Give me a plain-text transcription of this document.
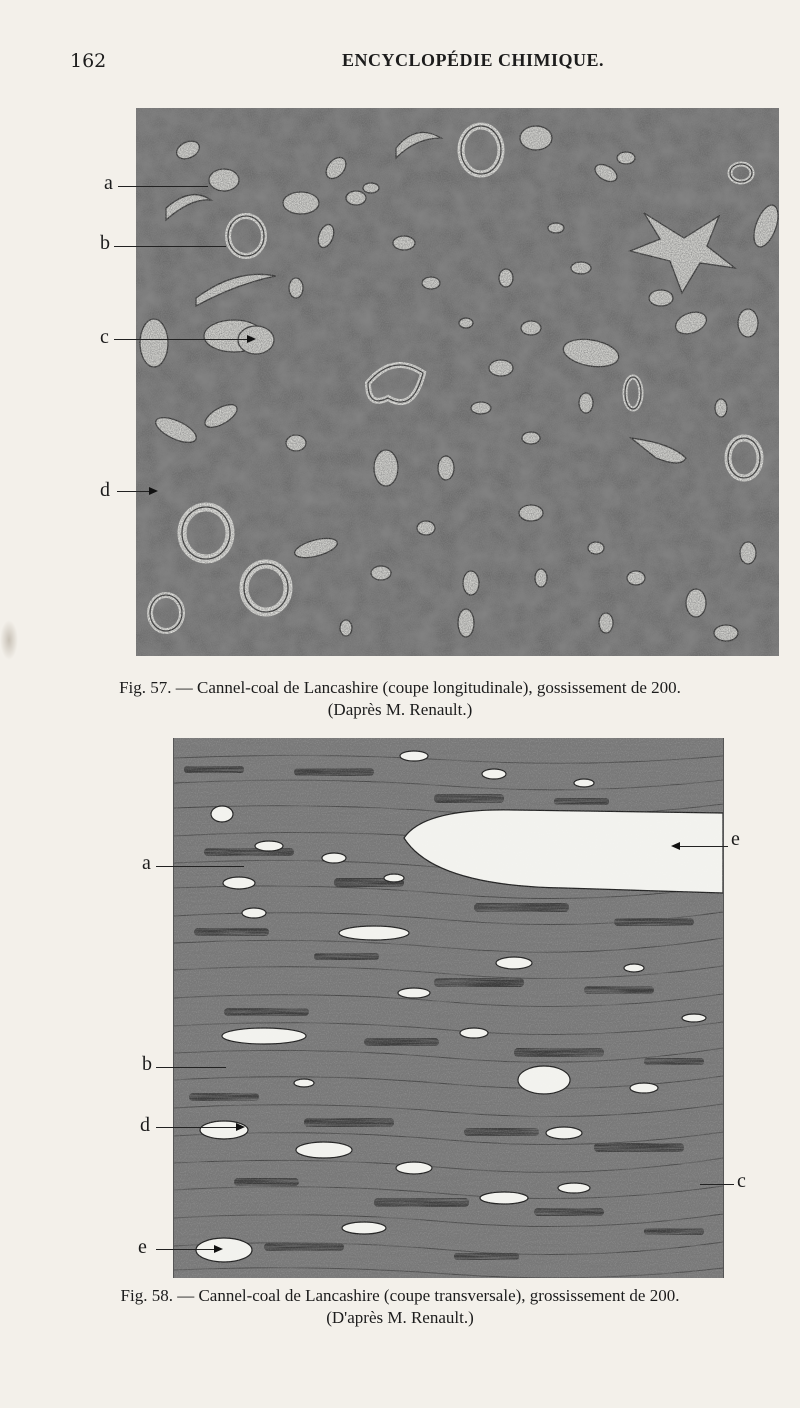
162	ENCYCLOPÉDIE CHIMIQUE.

a
b
c
d
Fig. 57. — Cannel-coal de Lancashire (coupe longitudinale), gossissement de 200.
(Daprès M. Renault.)
a
b
d
e
e
c
Fig. 58. — Cannel-coal de Lancashire (coupe transversale), grossissement de 200.
(D'après M. Renault.)
